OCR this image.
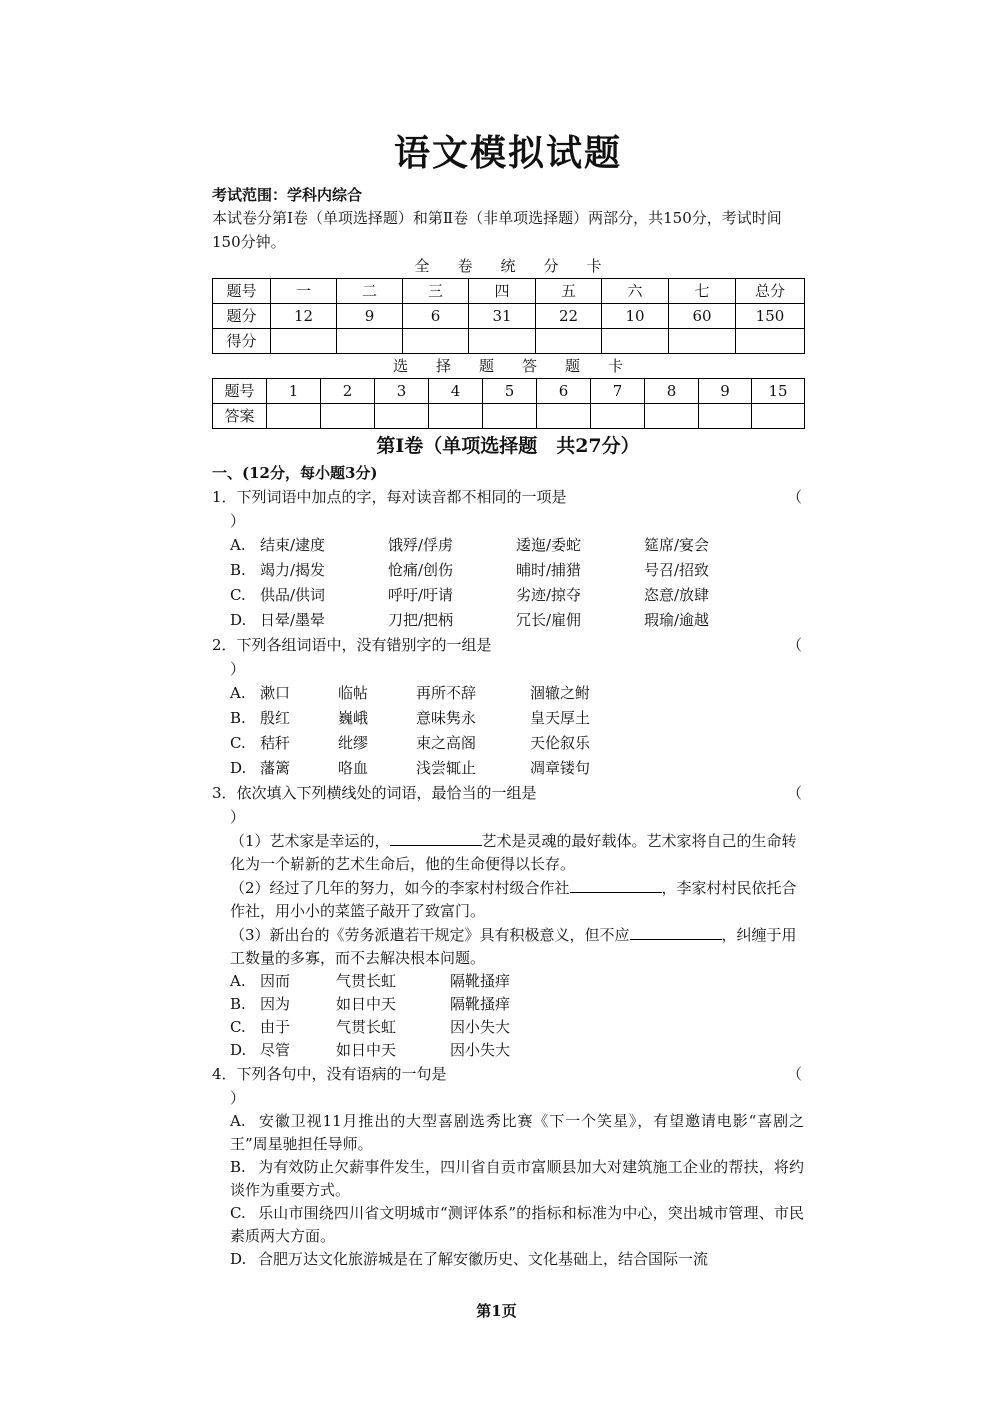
语文模拟试题
考试范围：学科内综合
本试卷分第Ⅰ卷（单项选择题）和第Ⅱ卷（非单项选择题）两部分，共150分，考试时间150分钟。
全 卷 统 分 卡
题号	一	二	三	四	五	六	七	总分
题分	12	9	6	31	22	10	60	150
得分								
选 择 题 答 题 卡
题号	1	2	3	4	5	6	7	8	9	15
答案										
第Ⅰ卷（单项选择题　共27分）
一、(12分，每小题3分)
1．下列词语中加点的字，每对读音都不相同的一项是	（
）
A. 结束/逮度	饿殍/俘虏	逶迤/委蛇	筵席/宴会
B. 竭力/揭发	怆痛/创伤	晡时/捕猎	号召/招致
C. 供品/供词	呼吁/吁请	劣迹/掠夺	恣意/放肆
D. 日晕/墨晕	刀把/把柄	冗长/雇佣	瑕瑜/逾越
2．下列各组词语中，没有错别字的一组是	（
）
A. 漱口	临帖	再所不辞	涸辙之鲋
B. 殷红	巍峨	意味隽永	皇天厚土
C. 秸秆	纰缪	束之高阁	天伦叙乐
D. 藩篱	咯血	浅尝辄止	凋章镂句
3．依次填入下列横线处的词语，最恰当的一组是	（
）
（1）艺术家是幸运的，	艺术是灵魂的最好载体。艺术家将自己的生命转化为一个崭新的艺术生命后，他的生命便得以长存。
（2）经过了几年的努力，如今的李家村村级合作社	，李家村村民依托合作社，用小小的菜篮子敲开了致富门。
（3）新出台的《劳务派遣若干规定》具有积极意义，但不应	，纠缠于用工数量的多寡，而不去解决根本问题。
A. 因而	气贯长虹	隔靴搔痒
B. 因为	如日中天	隔靴搔痒
C. 由于	气贯长虹	因小失大
D. 尽管	如日中天	因小失大
4．下列各句中，没有语病的一句是	（
）
A. 安徽卫视11月推出的大型喜剧选秀比赛《下一个笑星》，有望邀请电影“喜剧之王”周星驰担任导师。
B. 为有效防止欠薪事件发生，四川省自贡市富顺县加大对建筑施工企业的帮扶，将约谈作为重要方式。
C. 乐山市围绕四川省文明城市“测评体系”的指标和标准为中心，突出城市管理、市民素质两大方面。
D. 合肥万达文化旅游城是在了解安徽历史、文化基础上，结合国际一流
第1页
